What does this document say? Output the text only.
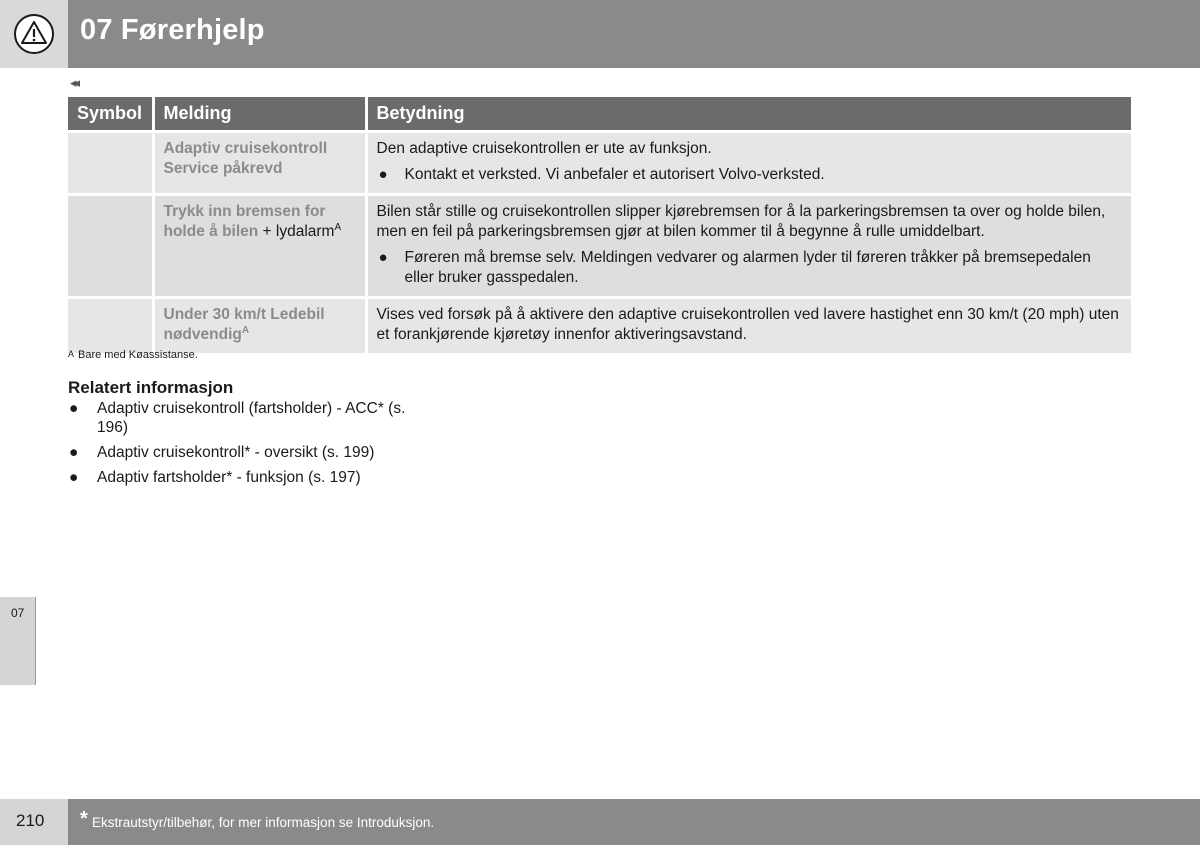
07 Førerhjelp
◂◂
Symbol	Melding	Betydning
	Adaptiv cruisekontroll Service påkrevd	Den adaptive cruisekontrollen er ute av funksjon.
● Kontakt et verksted. Vi anbefaler et autorisert Volvo-verksted.

	Trykk inn bremsen for holde å bilen + lydalarm$^A$	Bilen står stille og cruisekontrollen slipper kjørebremsen for å la parkeringsbremsen ta over og holde bilen, men en feil på parkeringsbremsen gjør at bilen kommer til å begynne å rulle umiddelbart.
● Føreren må bremse selv. Meldingen vedvarer og alarmen lyder til føreren tråkker på bremsepedalen eller bruker gasspedalen.

	Under 30 km/t Ledebil nødvendig$^A$	Vises ved forsøk på å aktivere den adaptive cruisekontrollen ved lavere hastighet enn 30 km/t (20 mph) uten et forankjørende kjøretøy innenfor aktiveringsavstand.
A Bare med Køassistanse.
Relatert informasjon
● Adaptiv cruisekontroll (fartsholder) - ACC* (s. 196)
● Adaptiv cruisekontroll* - oversikt (s. 199)
● Adaptiv fartsholder* - funksjon (s. 197)
07
210 * Ekstrautstyr/tilbehør, for mer informasjon se Introduksjon.
